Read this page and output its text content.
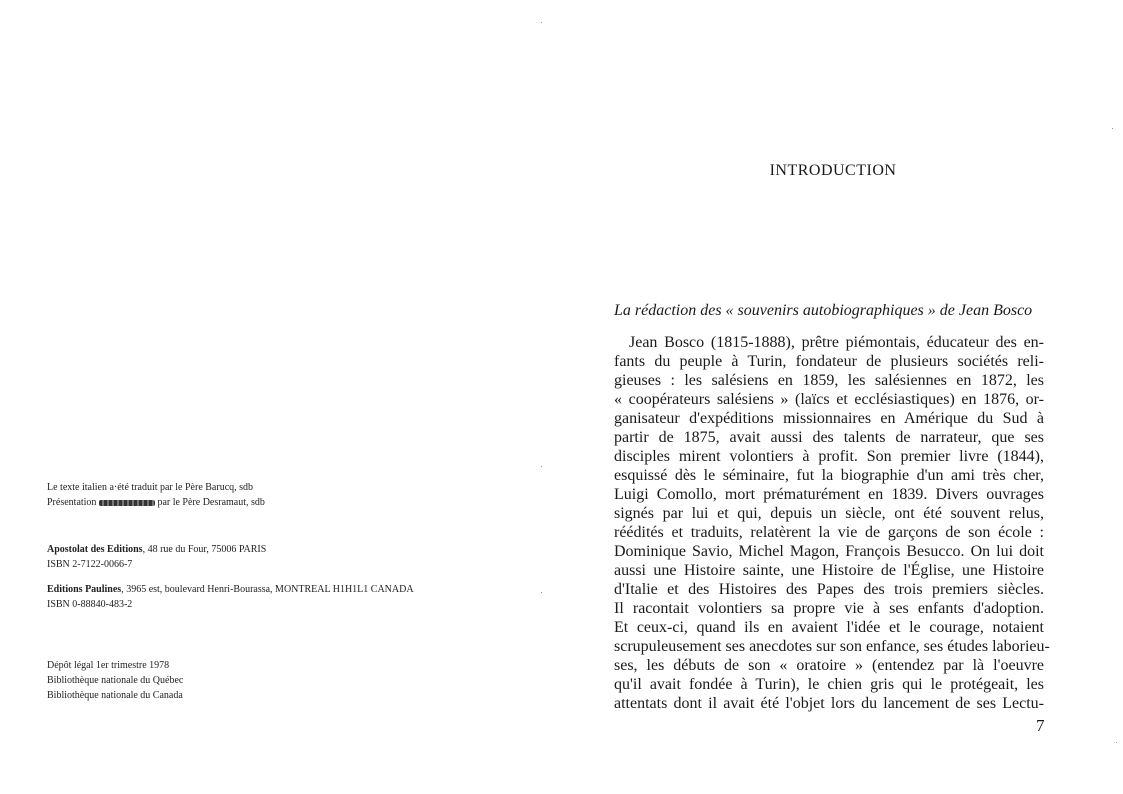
Le texte italien a·été traduit par le Père Barucq, sdb
Présentation	par le Père Desramaut, sdb
Apostolat des Editions, 48 rue du Four, 75006 PARIS
ISBN 2-7122-0066-7
Editions Paulines, 3965 est, boulevard Henri-Bourassa, MONTREAL H1H1L1 CANADA
ISBN 0-88840-483-2
Dépôt légal 1er trimestre 1978
Bibliothèque nationale du Québec
Bibliothèque nationale du Canada
INTRODUCTION
La rédaction des « souvenirs autobiographiques » de Jean Bosco
Jean Bosco (1815-1888), prêtre piémontais, éducateur des en-
fants du peuple à Turin, fondateur de plusieurs sociétés reli-
gieuses : les salésiens en 1859, les salésiennes en 1872, les
« coopérateurs salésiens » (laïcs et ecclésiastiques) en 1876, or-
ganisateur d'expéditions missionnaires en Amérique du Sud à
partir de 1875, avait aussi des talents de narrateur, que ses
disciples mirent volontiers à profit. Son premier livre (1844),
esquissé dès le séminaire, fut la biographie d'un ami très cher,
Luigi Comollo, mort prématurément en 1839. Divers ouvrages
signés par lui et qui, depuis un siècle, ont été souvent relus,
réédités et traduits, relatèrent la vie de garçons de son école :
Dominique Savio, Michel Magon, François Besucco. On lui doit
aussi une Histoire sainte, une Histoire de l'Église, une Histoire
d'Italie et des Histoires des Papes des trois premiers siècles.
Il racontait volontiers sa propre vie à ses enfants d'adoption.
Et ceux-ci, quand ils en avaient l'idée et le courage, notaient
scrupuleusement ses anecdotes sur son enfance, ses études laborieu-
ses, les débuts de son « oratoire » (entendez par là l'oeuvre
qu'il avait fondée à Turin), le chien gris qui le protégeait, les
attentats dont il avait été l'objet lors du lancement de ses Lectu-
7
